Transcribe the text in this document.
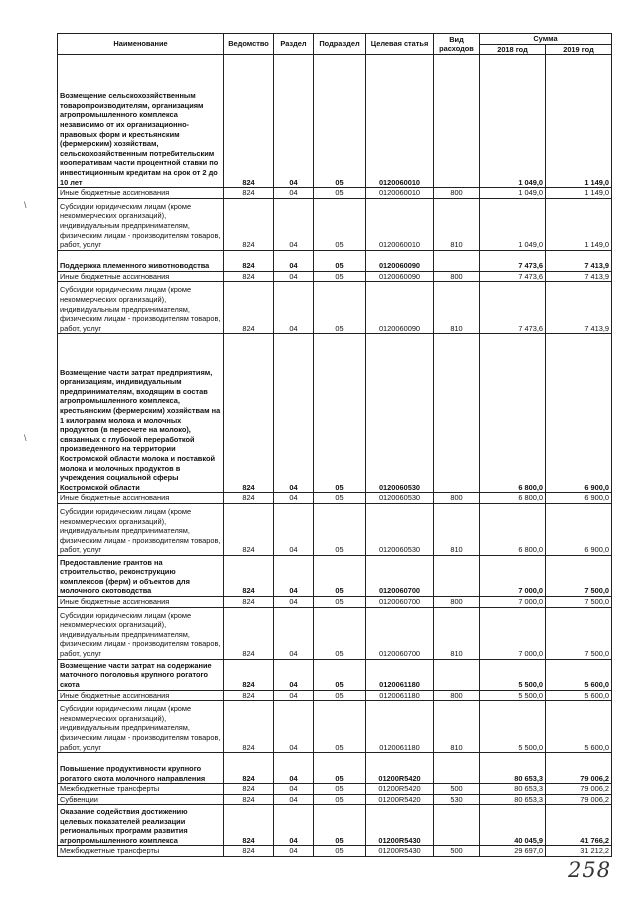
Наименование	Ведомство	Раздел	Подраздел	Целевая статья	Вид расходов	Сумма	
						2018 год	2019 год
Возмещение сельскохозяйственным товаропроизводителям, организациям агропромышленного комплекса независимо от их организационно-правовых форм и крестьянским (фермерским) хозяйствам, сельскохозяйственным потребительским кооперативам части процентной ставки по инвестиционным кредитам на срок от 2 до 10 лет	824	04	05	0120060010		1 049,0	1 149,0
Иные бюджетные ассигнования	824	04	05	0120060010	800	1 049,0	1 149,0
Субсидии юридическим лицам (кроме некоммерческих организаций), индивидуальным предпринимателям, физическим лицам - производителям товаров, работ, услуг	824	04	05	0120060010	810	1 049,0	1 149,0
Поддержка племенного животноводства	824	04	05	0120060090		7 473,6	7 413,9
Иные бюджетные ассигнования	824	04	05	0120060090	800	7 473,6	7 413,9
Субсидии юридическим лицам (кроме некоммерческих организаций), индивидуальным предпринимателям, физическим лицам - производителям товаров, работ, услуг	824	04	05	0120060090	810	7 473,6	7 413,9
Возмещение части затрат предприятиям, организациям, индивидуальным предпринимателям, входящим в состав агропромышленного комплекса, крестьянским (фермерским) хозяйствам на 1 килограмм молока и молочных продуктов (в пересчете на молоко), связанных с глубокой переработкой произведенного на территории Костромской области молока и поставкой молока и молочных продуктов в учреждения социальной сферы Костромской области	824	04	05	0120060530		6 800,0	6 900,0
Иные бюджетные ассигнования	824	04	05	0120060530	800	6 800,0	6 900,0
Субсидии юридическим лицам (кроме некоммерческих организаций), индивидуальным предпринимателям, физическим лицам - производителям товаров, работ, услуг	824	04	05	0120060530	810	6 800,0	6 900,0
Предоставление грантов на строительство, реконструкцию комплексов (ферм) и объектов для молочного скотоводства	824	04	05	0120060700		7 000,0	7 500,0
Иные бюджетные ассигнования	824	04	05	0120060700	800	7 000,0	7 500,0
Субсидии юридическим лицам (кроме некоммерческих организаций), индивидуальным предпринимателям, физическим лицам - производителям товаров, работ, услуг	824	04	05	0120060700	810	7 000,0	7 500,0
Возмещение части затрат на содержание маточного поголовья крупного рогатого скота	824	04	05	0120061180		5 500,0	5 600,0
Иные бюджетные ассигнования	824	04	05	0120061180	800	5 500,0	5 600,0
Субсидии юридическим лицам (кроме некоммерческих организаций), индивидуальным предпринимателям, физическим лицам - производителям товаров, работ, услуг	824	04	05	0120061180	810	5 500,0	5 600,0
Повышение продуктивности крупного рогатого скота молочного направления	824	04	05	01200R5420		80 653,3	79 006,2
Межбюджетные трансферты	824	04	05	01200R5420	500	80 653,3	79 006,2
Субвенции	824	04	05	01200R5420	530	80 653,3	79 006,2
Оказание содействия достижению целевых показателей реализации региональных программ развития агропромышленного комплекса	824	04	05	01200R5430		40 045,9	41 766,2
Межбюджетные трансферты	824	04	05	01200R5430	500	29 697,0	31 212,2
\
\
258
